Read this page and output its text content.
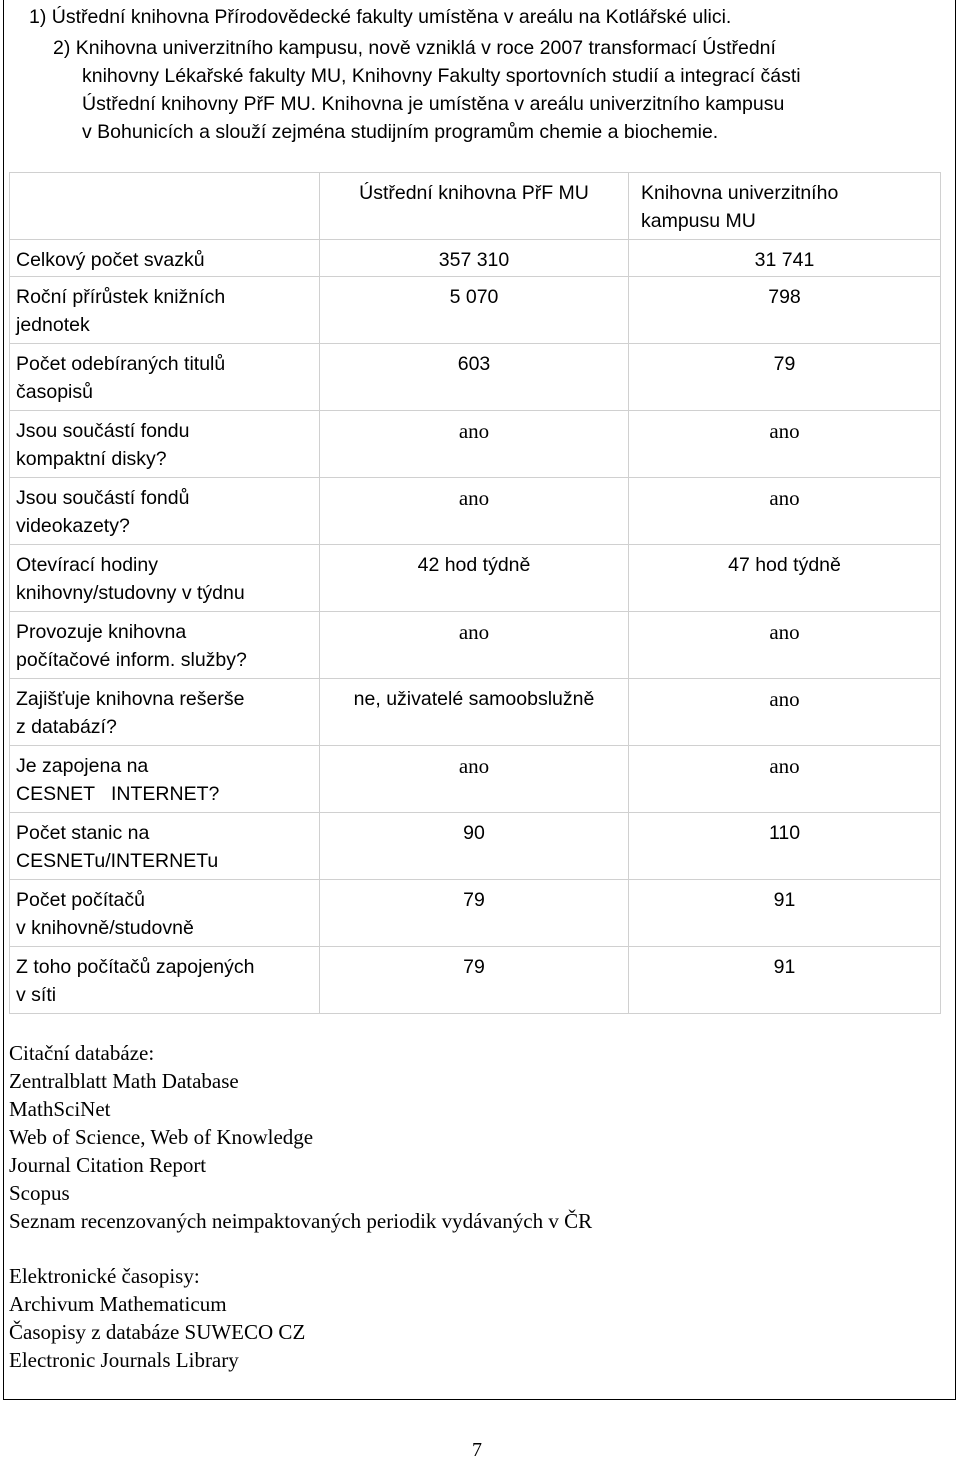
1) Ústřední knihovna Přírodovědecké fakulty umístěna v areálu na Kotlářské ulici.
2) Knihovna univerzitního kampusu, nově vzniklá v roce 2007 transformací Ústřední
knihovny Lékařské fakulty MU, Knihovny Fakulty sportovních studií a integrací části
Ústřední knihovny PřF MU. Knihovna je umístěna v areálu univerzitního kampusu
v Bohunicích a slouží zejména studijním programům chemie a biochemie.
	Ústřední knihovna PřF MU	Knihovna univerzitního
kampusu MU
Celkový počet svazků	357 310	31 741
Roční přírůstek knižních
jednotek	5 070	798
Počet odebíraných titulů
časopisů	603	79
Jsou součástí fondu
kompaktní disky?	ano	ano
Jsou součástí fondů
videokazety?	ano	ano
Otevírací hodiny
knihovny/studovny v týdnu	42 hod týdně	47 hod týdně
Provozuje knihovna
počítačové inform. služby?	ano	ano
Zajišťuje knihovna rešerše
z databází?	ne, uživatelé samoobslužně	ano
Je zapojena na
CESNET   INTERNET?	ano	ano
Počet stanic na
CESNETu/INTERNETu	90	110
Počet počítačů
v knihovně/studovně	79	91
Z toho počítačů zapojených
v síti	79	91
Citační databáze:
Zentralblatt Math Database
MathSciNet
Web of Science, Web of Knowledge
Journal Citation Report
Scopus
Seznam recenzovaných neimpaktovaných periodik vydávaných v ČR
Elektronické časopisy:
Archivum Mathematicum
Časopisy z databáze SUWECO CZ
Electronic Journals Library
7
